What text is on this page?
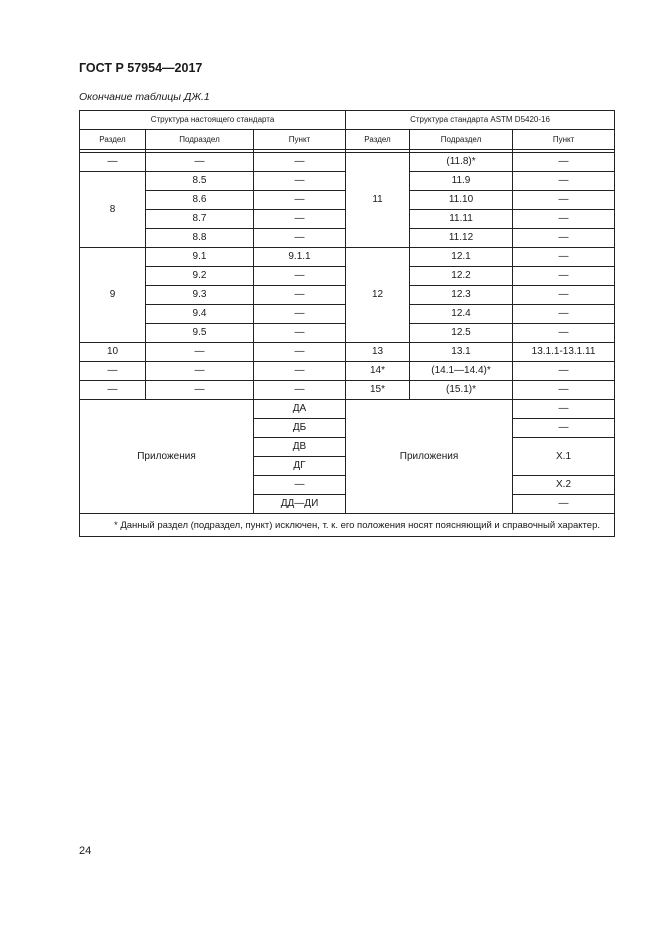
ГОСТ Р 57954—2017
Окончание таблицы ДЖ.1
Структура настоящего стандарта			Структура стандарта ASTM D5420-16		
Раздел	Подраздел	Пункт	Раздел	Подраздел	Пункт

—	—	—	11	(11.8)*	—
8	8.5	—		11.9	—
	8.6	—		11.10	—
	8.7	—		11.11	—
	8.8	—		11.12	—
9	9.1	9.1.1	12	12.1	—
	9.2	—		12.2	—
	9.3	—		12.3	—
	9.4	—		12.4	—
	9.5	—		12.5	—
10	—	—	13	13.1	13.1.1-13.1.11
—	—	—	14*	(14.1—14.4)*	—
—	—	—	15*	(15.1)*	—
Приложения		ДА	Приложения		—
		ДБ			—
		ДВ			Х.1
		ДГ			
		—			Х.2
		ДД—ДИ			—
* Данный раздел (подраздел, пункт) исключен, т. к. его положения носят поясняющий и справочный характер.					
24
